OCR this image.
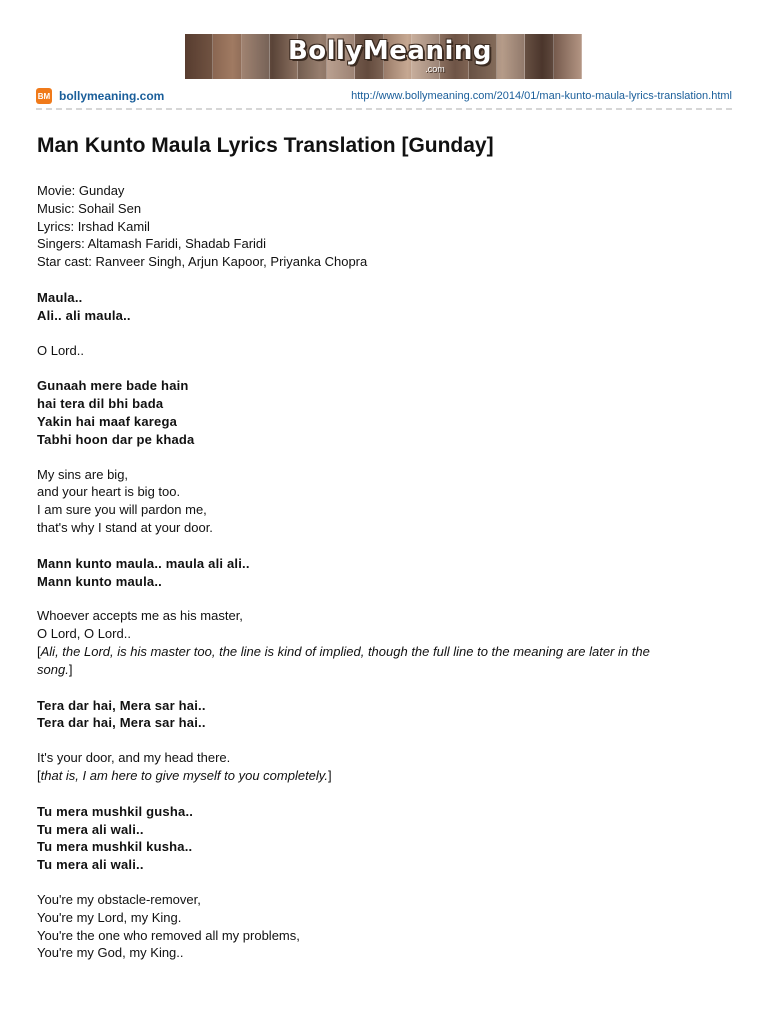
BollyMeaning
.com
BM bollymeaning.com	http://www.bollymeaning.com/2014/01/man-kunto-maula-lyrics-translation.html
Man Kunto Maula Lyrics Translation [Gunday]
Movie: Gunday
Music: Sohail Sen
Lyrics: Irshad Kamil
Singers: Altamash Faridi, Shadab Faridi
Star cast: Ranveer Singh, Arjun Kapoor, Priyanka Chopra
Maula..
Ali.. ali maula..
O Lord..
Gunaah mere bade hain
hai tera dil bhi bada
Yakin hai maaf karega
Tabhi hoon dar pe khada
My sins are big,
and your heart is big too.
I am sure you will pardon me,
that's why I stand at your door.
Mann kunto maula.. maula ali ali..
Mann kunto maula..
Whoever accepts me as his master,
O Lord, O Lord..
[Ali, the Lord, is his master too, the line is kind of implied, though the full line to the meaning are later in the
song.]
Tera dar hai, Mera sar hai..
Tera dar hai, Mera sar hai..
It's your door, and my head there.
[that is, I am here to give myself to you completely.]
Tu mera mushkil gusha..
Tu mera ali wali..
Tu mera mushkil kusha..
Tu mera ali wali..
You're my obstacle-remover,
You're my Lord, my King.
You're the one who removed all my problems,
You're my God, my King..
